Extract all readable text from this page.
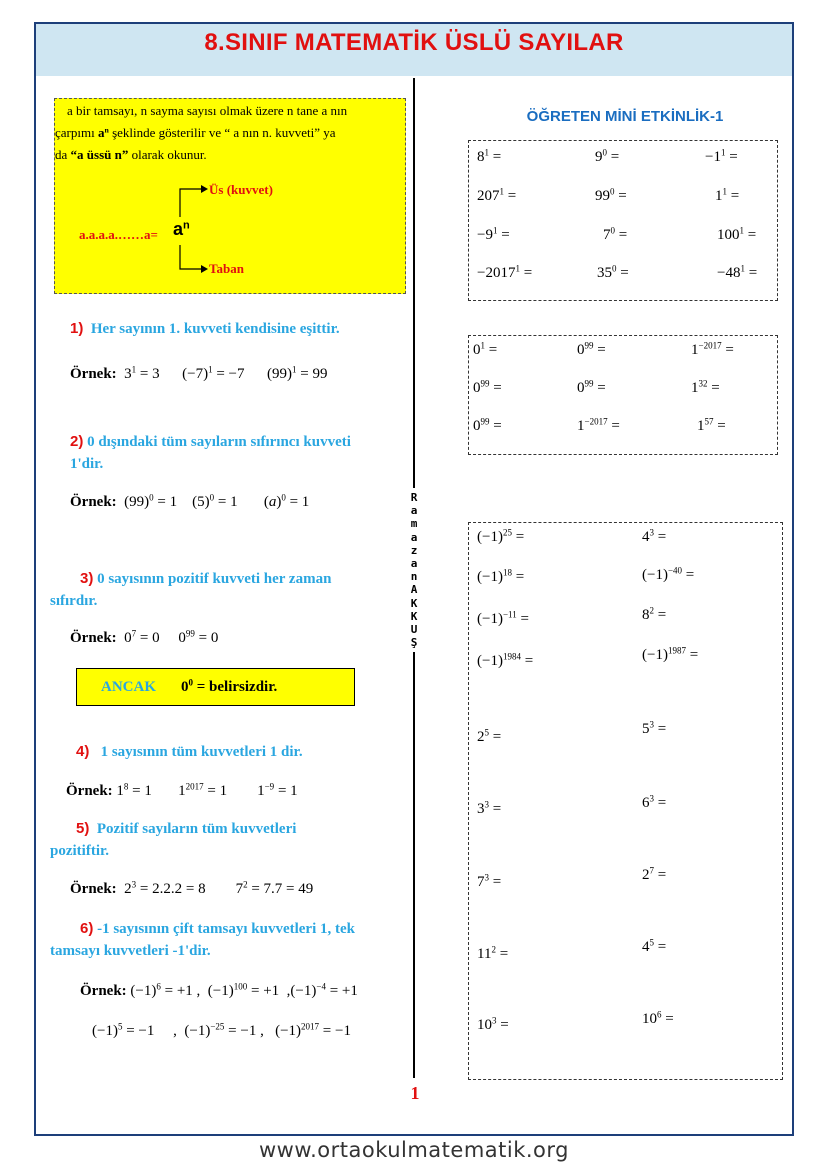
8.SINIF MATEMATİK ÜSLÜ SAYILAR
R
a
m
a
z
a
n
A
K
K
U
Ş
a bir tamsayı, n sayma sayısı olmak üzere n tane a nın
çarpımı $a^n$ şeklinde gösterilir ve “ a nın n. kuvveti” ya
da “a üssü n” olarak okunur.
a.a.a.a.……a= $a^n$
Üs (kuvvet)
Taban
1) Her sayının 1. kuvveti kendisine eşittir.
Örnek:  $3^1 = 3$      $(-7)^1 = -7$      $(99)^1 = 99$
2) 0 dışındaki tüm sayıların sıfırıncı kuvveti
1'dir.
Örnek:  $(99)^0 = 1$    $(5)^0 = 1$       $(a)^0 = 1$
3) 0 sayısının pozitif kuvveti her zaman
sıfırdır.
Örnek:  $0^7 = 0$     $0^{99} = 0$
ANCAK $0^0$ = belirsizdir.
4) 1 sayısının tüm kuvvetleri 1 dir.
Örnek: $1^8 = 1$       $1^{2017} = 1$        $1^{-9} = 1$
5) Pozitif sayıların tüm kuvvetleri
pozitiftir.
Örnek:  $2^3 = 2.2.2 = 8$        $7^2 = 7.7 = 49$
6) -1 sayısının çift tamsayı kuvvetleri 1, tek
tamsayı kuvvetleri -1'dir.
Örnek: $(-1)^6 = +1$ ,  $(-1)^{100} = +1$  $,(-1)^{-4} = +1$
$(-1)^5 = -1$     ,  $(-1)^{-25} = -1$ ,   $(-1)^{2017} = -1$
ÖĞRETEN MİNİ ETKİNLİK-1
$8^1$ =	$9^0$ =	$-1^1$ =
$207^1$ =	$99^0$ =	$1^1$ =
$-9^1$ =	$7^0$ =	$100^1$ =
$-2017^1$ =	$35^0$ =	$-48^1$ =
$0^1$ =	$0^{99}$ =	$1^{-2017}$ =
$0^{99}$ =	$0^{99}$ =	$1^{32}$ =
$0^{99}$ =	$1^{-2017}$ =	$1^{57}$ =
$(-1)^{25}$ =	$4^3$ =
$(-1)^{18}$ =	$(-1)^{-40}$ =
$(-1)^{-11}$ =	$8^2$ =
$(-1)^{1984}$ =	$(-1)^{1987}$ =
$2^5$ =	$5^3$ =
$3^3$ =	$6^3$ =
$7^3$ =	$2^7$ =
$11^2$ =	$4^5$ =
$10^3$ =	$10^6$ =
1
www.ortaokulmatematik.org
